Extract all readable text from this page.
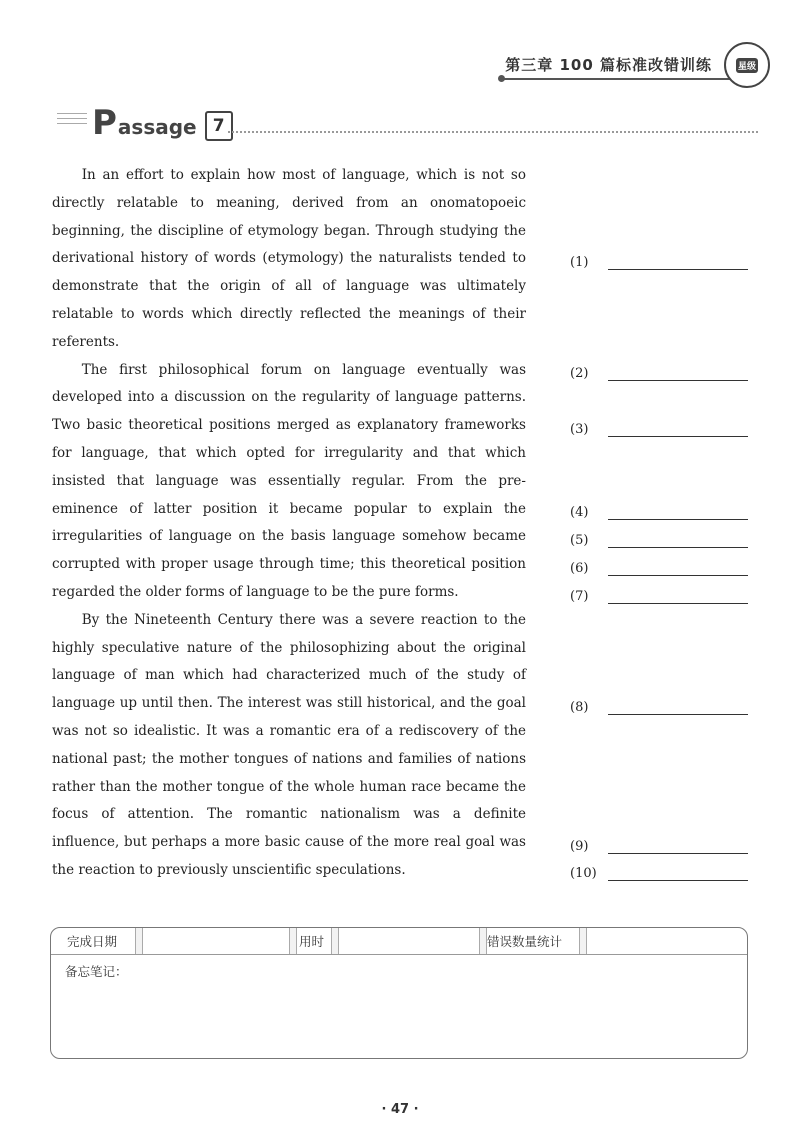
第三章 100 篇标准改错训练	星级
P assage 7

In an effort to explain how most of language, which is not so directly relatable to meaning, derived from an onomatopoeic beginning, the discipline of etymology began. Through studying the derivational history of words (etymology) the naturalists tended to demonstrate that the origin of all of language was ultimately relatable to words which directly reflected the meanings of their referents.

The first philosophical forum on language eventually was developed into a discussion on the regularity of language patterns. Two basic theoretical positions merged as explanatory frameworks for language, that which opted for irregularity and that which insisted that language was essentially regular. From the pre-eminence of latter position it became popular to explain the irregularities of language on the basis language somehow became corrupted with proper usage through time; this theoretical position regarded the older forms of language to be the pure forms.

By the Nineteenth Century there was a severe reaction to the highly speculative nature of the philosophizing about the original language of man which had characterized much of the study of language up until then. The interest was still historical, and the goal was not so idealistic. It was a romantic era of a rediscovery of the national past; the mother tongues of nations and families of nations rather than the mother tongue of the whole human race became the focus of attention. The romantic nationalism was a definite influence, but perhaps a more basic cause of the more real goal was the reaction to previously unscientific speculations.

(1)
(2)
(3)
(4)
(5)
(6)
(7)
(8)
(9)
(10)
完成日期	用时	错误数量统计
备忘笔记：
· 47 ·
